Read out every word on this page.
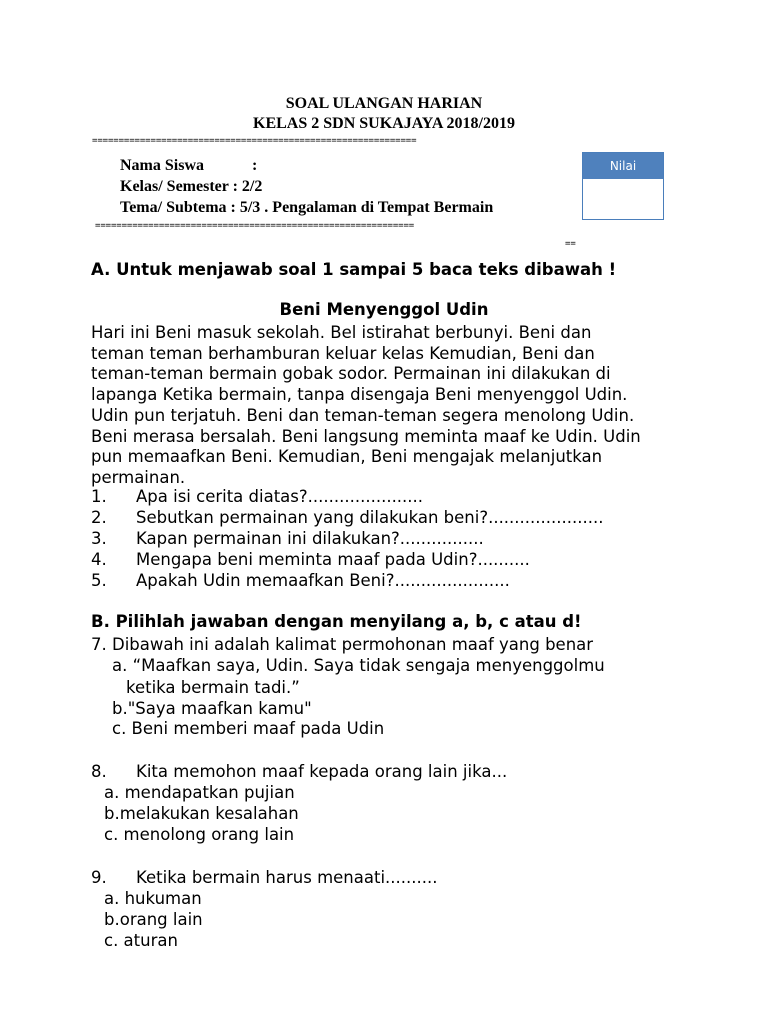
SOAL ULANGAN HARIAN
KELAS 2 SDN SUKAJAYA 2018/2019
=============================================================
Nama Siswa	:
Kelas/ Semester : 2/2
Tema/ Subtema : 5/3 . Pengalaman di Tempat Bermain
============================================================
==
Nilai
A. Untuk menjawab soal 1 sampai 5 baca teks dibawah !
Beni Menyenggol Udin

Hari ini Beni masuk sekolah. Bel istirahat berbunyi. Beni dan

teman teman berhamburan keluar kelas Kemudian, Beni dan

teman-teman bermain gobak sodor. Permainan ini dilakukan di

lapanga Ketika bermain, tanpa disengaja Beni menyenggol Udin.

Udin pun terjatuh. Beni dan teman-teman segera menolong Udin.

Beni merasa bersalah. Beni langsung meminta maaf ke Udin. Udin

pun memaafkan Beni. Kemudian, Beni mengajak melanjutkan

permainan.

1. Apa isi cerita diatas?......................
2. Sebutkan permainan yang dilakukan beni?......................
3. Kapan permainan ini dilakukan?................
4. Mengapa beni meminta maaf pada Udin?..........
5. Apakah Udin memaafkan Beni?......................
B. Pilihlah jawaban dengan menyilang a, b, c atau d!
7. Dibawah ini adalah kalimat permohonan maaf yang benar
a. “Maafkan saya, Udin. Saya tidak sengaja menyenggolmu
ketika bermain tadi.”
b."Saya maafkan kamu"
c. Beni memberi maaf pada Udin
8. Kita memohon maaf kepada orang lain jika...
a. mendapatkan pujian
b.melakukan kesalahan
c. menolong orang lain
9. Ketika bermain harus menaati..........
a. hukuman
b.orang lain
c. aturan
